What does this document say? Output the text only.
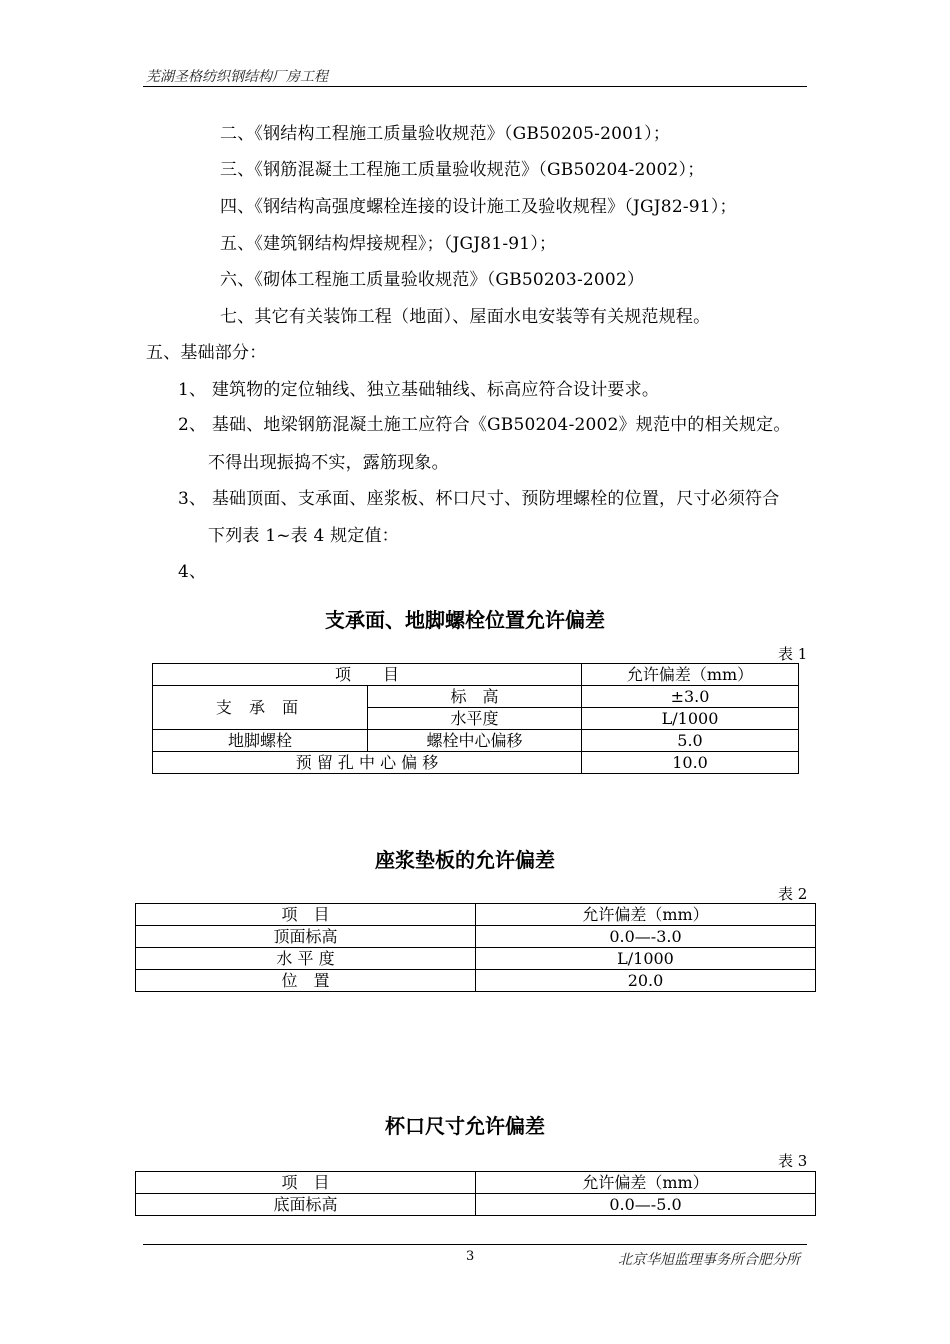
芜湖圣格纺织钢结构厂房工程
二、《钢结构工程施工质量验收规范》（GB50205-2001）；
三、《钢筋混凝土工程施工质量验收规范》（GB50204-2002）；
四、《钢结构高强度螺栓连接的设计施工及验收规程》（JGJ82-91）；
五、《建筑钢结构焊接规程》；（JGJ81-91）；
六、《砌体工程施工质量验收规范》（GB50203-2002）
七、其它有关装饰工程（地面）、屋面水电安装等有关规范规程。
五、基础部分：
1、 建筑物的定位轴线、独立基础轴线、标高应符合设计要求。
2、 基础、地梁钢筋混凝土施工应符合《GB50204-2002》规范中的相关规定。
不得出现振捣不实，露筋现象。
3、 基础顶面、支承面、座浆板、杯口尺寸、预防埋螺栓的位置，尺寸必须符合
下列表 1~表 4 规定值：
4、
支承面、地脚螺栓位置允许偏差
表 1
项　　目		允许偏差（mm）
支 承 面	标　高	±3.0
	水平度	L/1000
地脚螺栓	螺栓中心偏移	5.0
预 留 孔 中 心 偏 移		10.0
座浆垫板的允许偏差
表 2
项　目	允许偏差（mm）
顶面标高	0.0—-3.0
水 平 度	L/1000
位　置	20.0
杯口尺寸允许偏差
表 3
项　目	允许偏差（mm）
底面标高	0.0—-5.0
3	北京华旭监理事务所合肥分所
